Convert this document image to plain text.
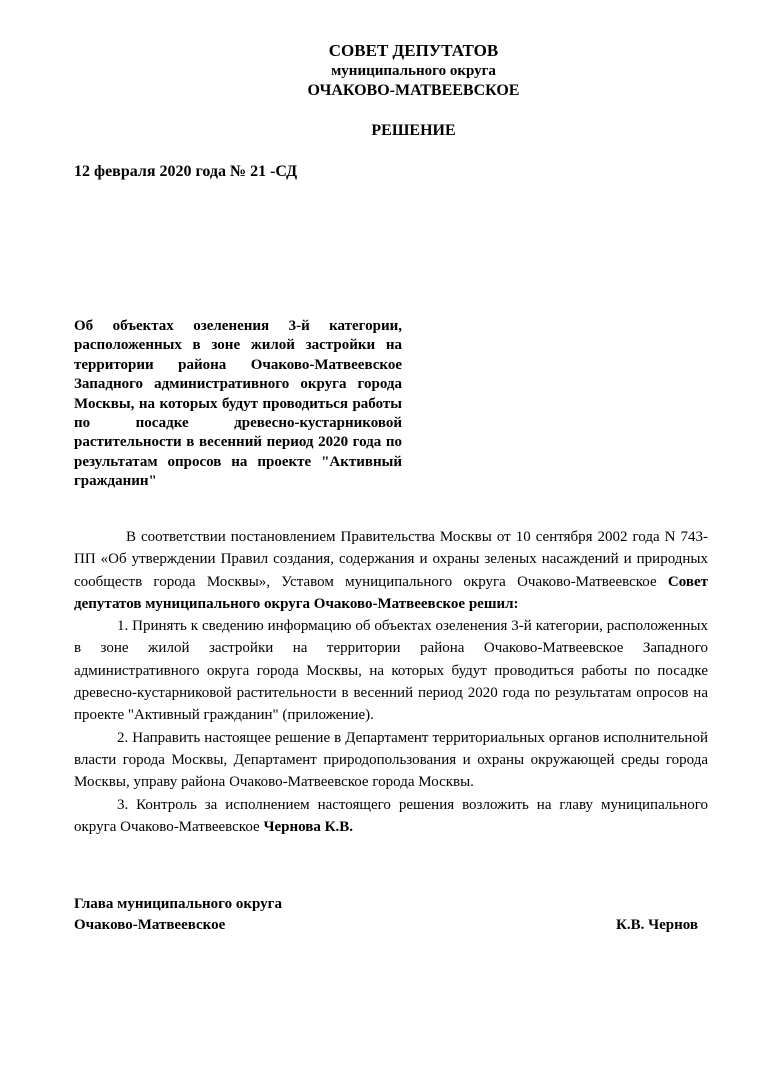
СОВЕТ ДЕПУТАТОВ
муниципального округа
ОЧАКОВО-МАТВЕЕВСКОЕ
РЕШЕНИЕ
12 февраля 2020 года № 21 -СД
Об объектах озеленения 3-й категории, расположенных в зоне жилой застройки на территории района Очаково-Матвеевское Западного административного округа города Москвы, на которых будут проводиться работы по посадке древесно-кустарниковой растительности в весенний период 2020 года по результатам опросов на проекте "Активный гражданин"

В соответствии постановлением Правительства Москвы от 10 сентября 2002 года N 743-ПП «Об утверждении Правил создания, содержания и охраны зеленых насаждений и природных сообществ города Москвы», Уставом муниципального округа Очаково-Матвеевское Совет депутатов муниципального округа Очаково-Матвеевское решил:

1. Принять к сведению информацию об объектах озеленения 3-й категории, расположенных в зоне жилой застройки на территории района Очаково-Матвеевское Западного административного округа города Москвы, на которых будут проводиться работы по посадке древесно-кустарниковой растительности в весенний период 2020 года по результатам опросов на проекте "Активный гражданин" (приложение).

2. Направить настоящее решение в Департамент территориальных органов исполнительной власти города Москвы, Департамент природопользования и охраны окружающей среды города Москвы, управу района Очаково-Матвеевское города Москвы.

3. Контроль за исполнением настоящего решения возложить на главу муниципального округа Очаково-Матвеевское Чернова К.В.

Глава муниципального округа
Очаково-Матвеевское	К.В. Чернов
